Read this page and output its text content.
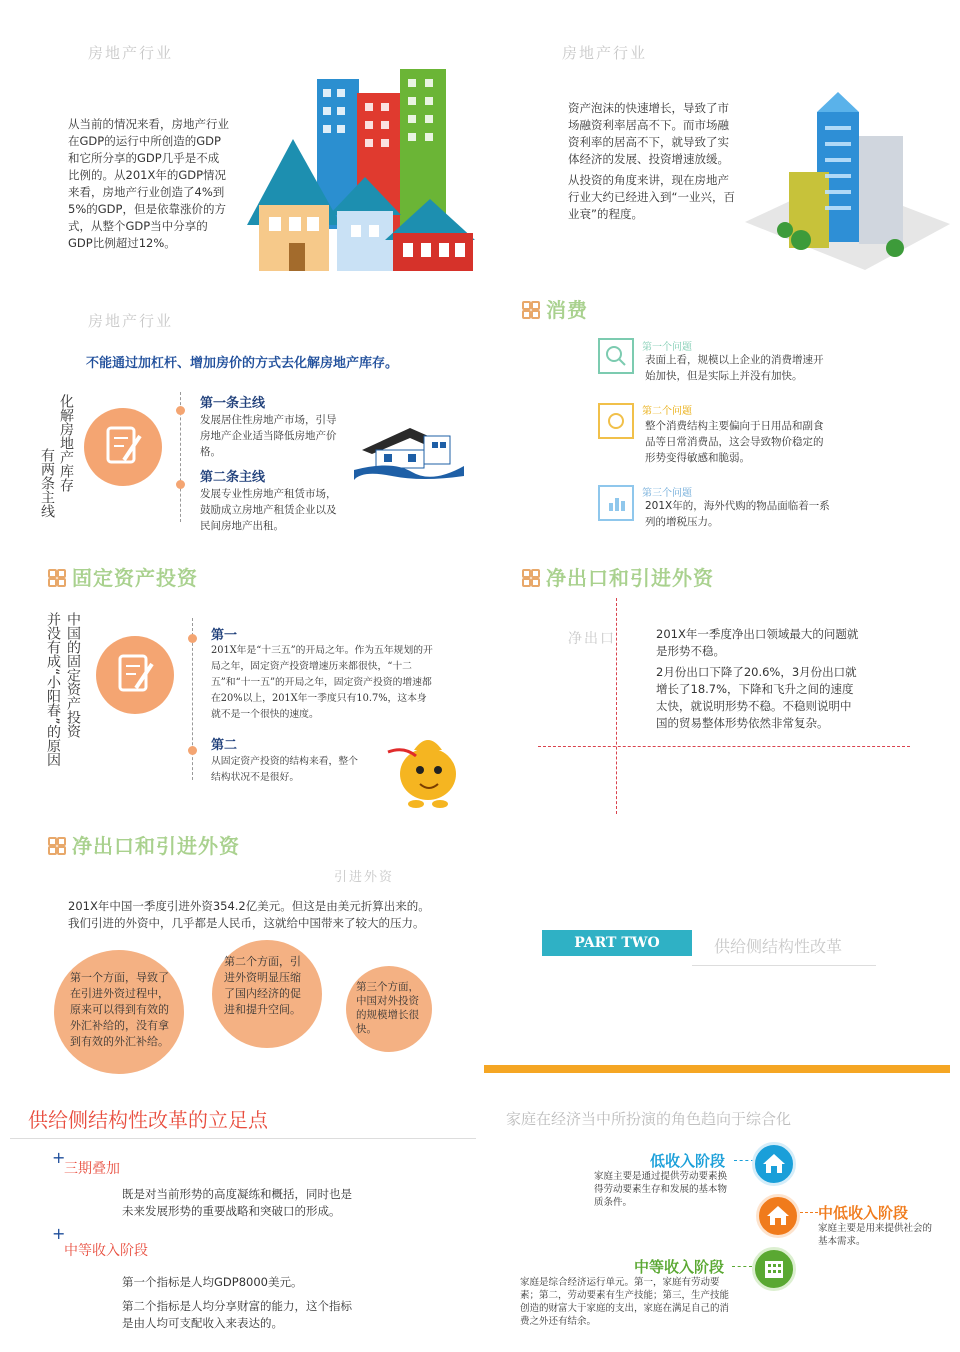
房地产行业
从当前的情况来看，房地产行业在GDP的运行中所创造的GDP和它所分享的GDP几乎是不成比例的。从201X年的GDP情况来看，房地产行业创造了4%到5%的GDP，但是依靠涨价的方式，从整个GDP当中分享的GDP比例超过12%。
房地产行业
资产泡沫的快速增长，导致了市场融资利率居高不下。而市场融资利率的居高不下，就导致了实体经济的发展、投资增速放缓。
从投资的角度来讲，现在房地产行业大约已经进入到“一业兴，百业衰”的程度。
房地产行业
不能通过加杠杆、增加房价的方式去化解房地产库存。
化解房地产库存
有两条主线
第一条主线
发展居住性房地产市场，引导房地产企业适当降低房地产价格。
第二条主线
发展专业性房地产租赁市场，鼓励成立房地产租赁企业以及民间房地产出租。
消费
第一个问题
表面上看，规模以上企业的消费增速开始加快，但是实际上并没有加快。
第二个问题
整个消费结构主要偏向于日用品和副食品等日常消费品，这会导致物价稳定的形势变得敏感和脆弱。
第三个问题
201X年的，海外代购的物品面临着一系列的增税压力。
固定资产投资
中国的固定资产投资
并没有成“小阳春”的原因	第一
201X年是“十三五”的开局之年。作为五年规划的开局之年，固定资产投资增速历来都很快，“十二五”和“十一五”的开局之年，固定资产投资的增速都在20%以上，201X年一季度只有10.7%，这本身就不是一个很快的速度。
第二
从固定资产投资的结构来看，整个结构状况不是很好。
净出口和引进外资
净出口	201X年一季度净出口领域最大的问题就是形势不稳。
2月份出口下降了20.6%，3月份出口就增长了18.7%，下降和飞升之间的速度太快，就说明形势不稳。不稳则说明中国的贸易整体形势依然非常复杂。
净出口和引进外资
引进外资
201X年中国一季度引进外资354.2亿美元。但这是由美元折算出来的。我们引进的外资中，几乎都是人民币，这就给中国带来了较大的压力。
第一个方面，导致了在引进外资过程中，原来可以得到有效的外汇补给的，没有拿到有效的外汇补给。
第二个方面，引进外资明显压缩了国内经济的促进和提升空间。
第三个方面，中国对外投资的规模增长很快。
PART TWO	供给侧结构性改革
供给侧结构性改革的立足点
+
三期叠加
既是对当前形势的高度凝练和概括，同时也是未来发展形势的重要战略和突破口的形成。
+
中等收入阶段
第一个指标是人均GDP8000美元。
第二个指标是人均分享财富的能力，这个指标是由人均可支配收入来表达的。
家庭在经济当中所扮演的角色趋向于综合化
低收入阶段
家庭主要是通过提供劳动要素换得劳动要素生存和发展的基本物质条件。
中低收入阶段
家庭主要是用来提供社会的基本需求。
中等收入阶段
家庭是综合经济运行单元。第一，家庭有劳动要素；第二，劳动要素有生产技能；第三，生产技能创造的财富大于家庭的支出，家庭在满足自己的消费之外还有结余。
